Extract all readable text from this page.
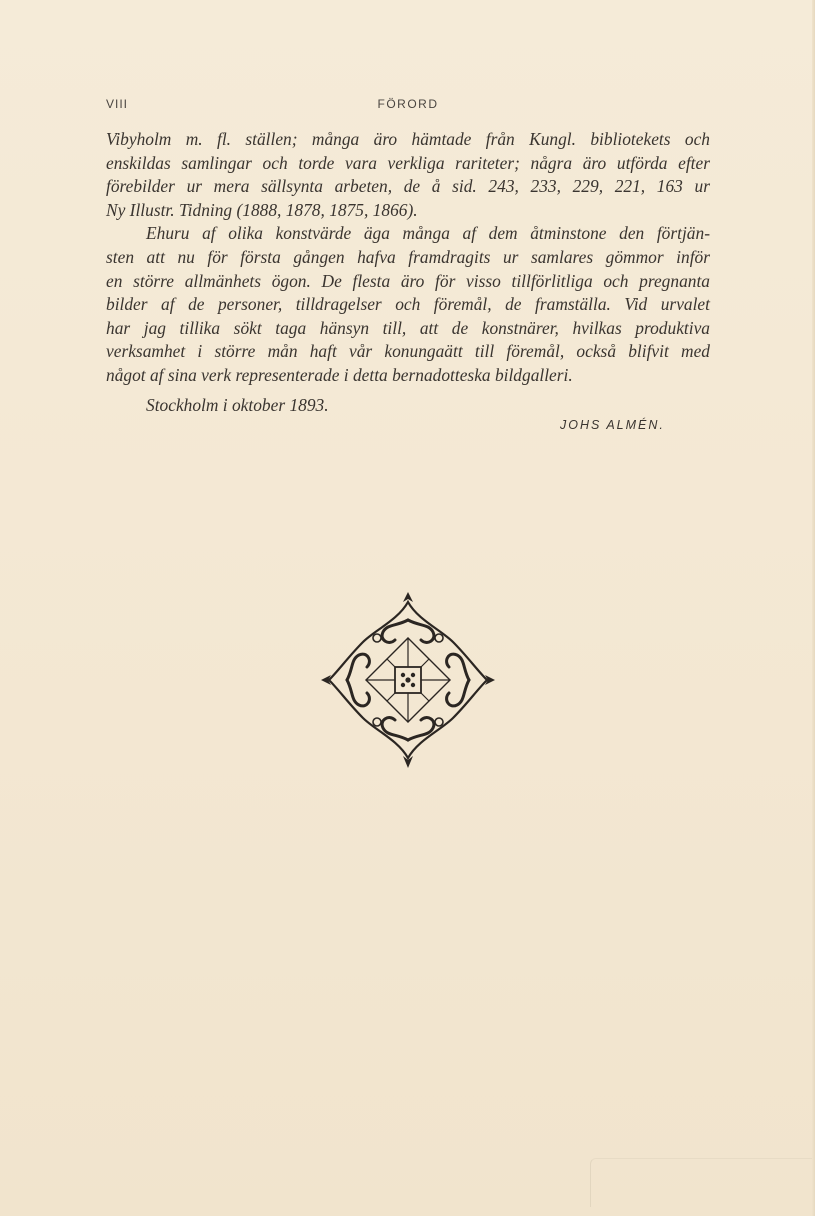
VIII	FÖRORD
Vibyholm m. fl. ställen; många äro hämtade från Kungl. bibliotekets och
enskildas samlingar och torde vara verkliga rariteter; några äro utförda efter
förebilder ur mera sällsynta arbeten, de å sid. 243, 233, 229, 221, 163 ur
Ny Illustr. Tidning (1888, 1878, 1875, 1866).
Ehuru af olika konstvärde äga många af dem åtminstone den förtjän-
sten att nu för första gången hafva framdragits ur samlares gömmor inför
en större allmänhets ögon. De flesta äro för visso tillförlitliga och pregnanta
bilder af de personer, tilldragelser och föremål, de framställa. Vid urvalet
har jag tillika sökt taga hänsyn till, att de konstnärer, hvilkas produktiva
verksamhet i större mån haft vår konungaätt till föremål, också blifvit med
något af sina verk representerade i detta bernadotteska bildgalleri.
Stockholm i oktober 1893.
JOHS ALMÉN.
